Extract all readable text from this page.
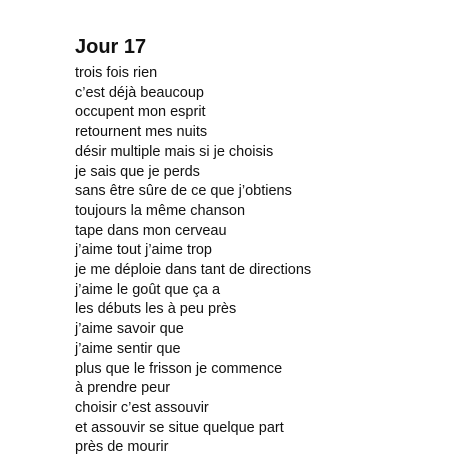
Jour 17
trois fois rien
c’est déjà beaucoup
occupent mon esprit
retournent mes nuits
désir multiple mais si je choisis
je sais que je perds
sans être sûre de ce que j’obtiens
toujours la même chanson
tape dans mon cerveau
j’aime tout j’aime trop
je me déploie dans tant de directions
j’aime le goût que ça a
les débuts les à peu près
j’aime savoir que
j’aime sentir que
plus que le frisson je commence
à prendre peur
choisir c’est assouvir
et assouvir se situe quelque part
près de mourir
